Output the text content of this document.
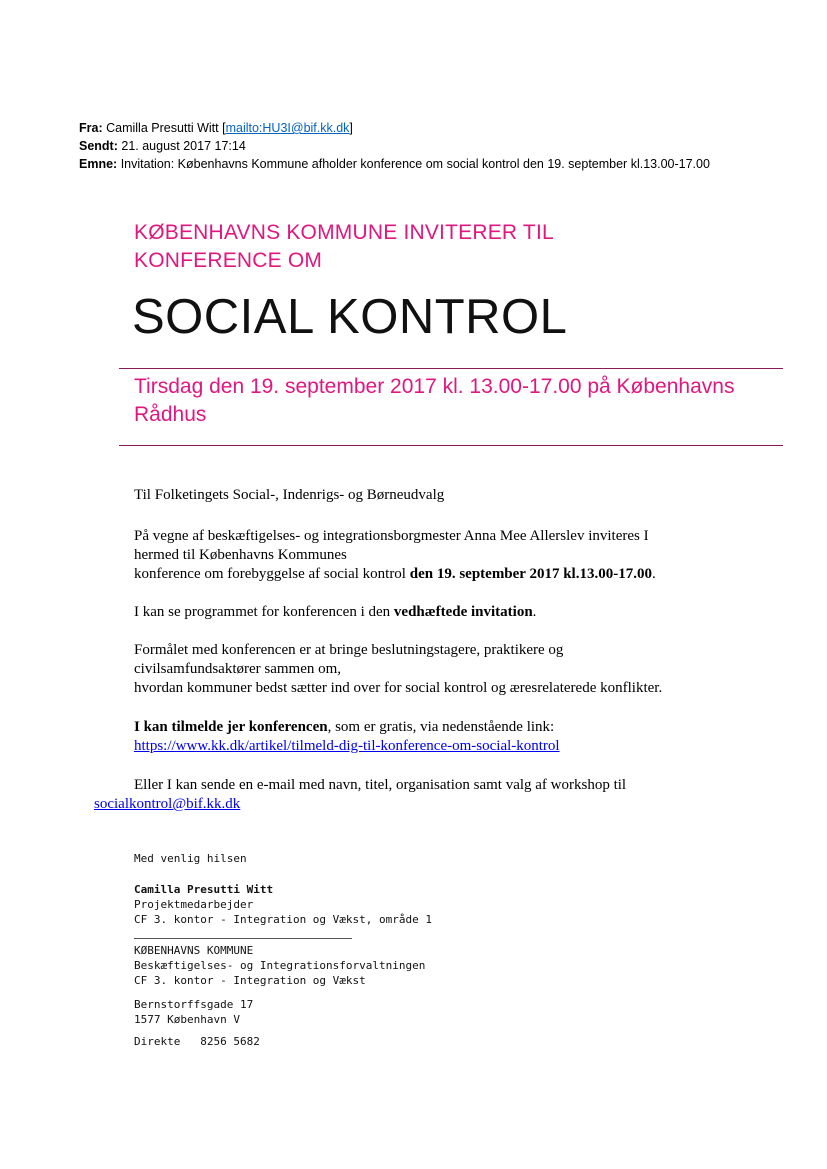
Fra: Camilla Presutti Witt [mailto:HU3I@bif.kk.dk]
Sendt: 21. august 2017 17:14
Emne: Invitation: Københavns Kommune afholder konference om social kontrol den 19. september kl.13.00-17.00
KØBENHAVNS KOMMUNE INVITERER TIL
KONFERENCE OM
SOCIAL KONTROL
Tirsdag den 19. september 2017 kl. 13.00-17.00 på Københavns
Rådhus
Til Folketingets Social-, Indenrigs- og Børneudvalg
På vegne af beskæftigelses- og integrationsborgmester Anna Mee Allerslev inviteres I
hermed til Københavns Kommunes
konference om forebyggelse af social kontrol den 19. september 2017 kl.13.00-17.00.
I kan se programmet for konferencen i den vedhæftede invitation.
Formålet med konferencen er at bringe beslutningstagere, praktikere og
civilsamfundsaktører sammen om,
hvordan kommuner bedst sætter ind over for social kontrol og æresrelaterede konflikter.
I kan tilmelde jer konferencen, som er gratis, via nedenstående link:
https://www.kk.dk/artikel/tilmeld-dig-til-konference-om-social-kontrol
Eller I kan sende en e-mail med navn, titel, organisation samt valg af workshop til
socialkontrol@bif.kk.dk
Med venlig hilsen
Camilla Presutti Witt
Projektmedarbejder
CF 3. kontor - Integration og Vækst, område 1
KØBENHAVNS KOMMUNE
Beskæftigelses- og Integrationsforvaltningen
CF 3. kontor - Integration og Vækst
Bernstorffsgade 17
1577 København V
Direkte 8256 5682
